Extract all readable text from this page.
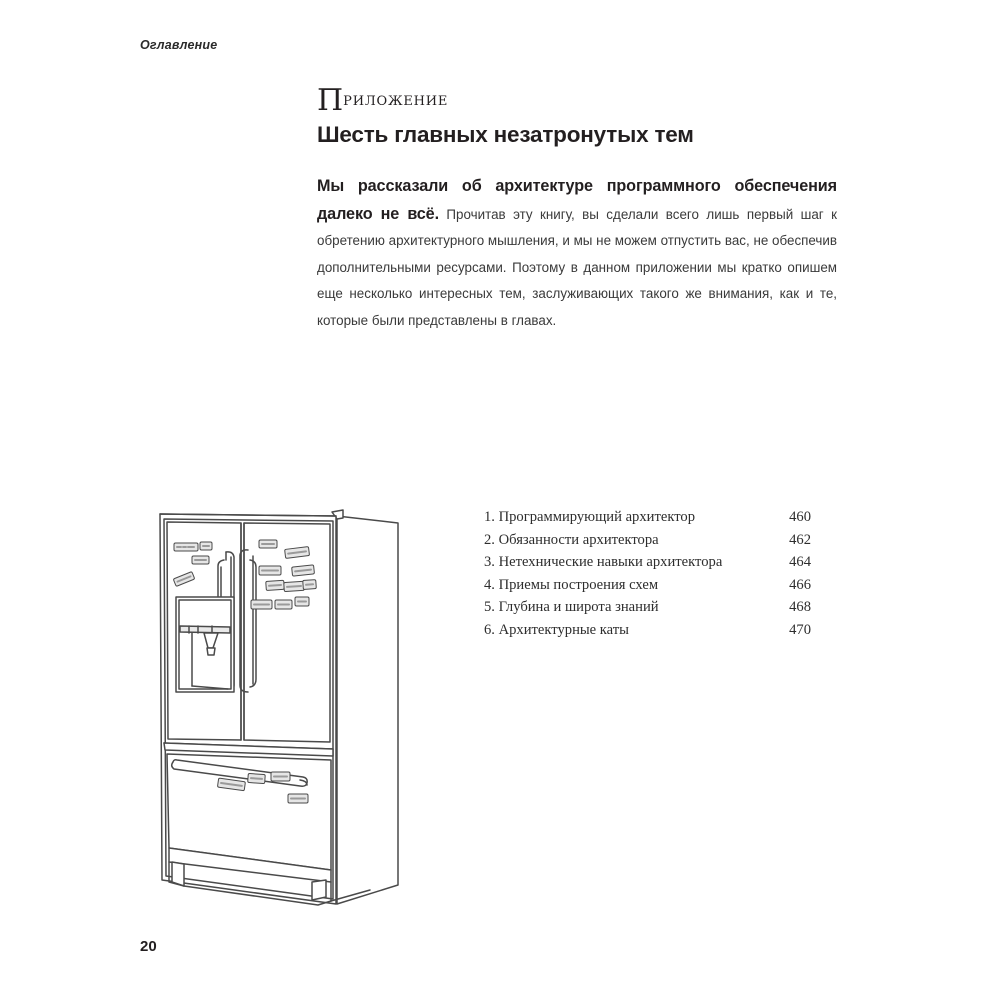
Оглавление
Приложение
Шесть главных незатронутых тем

Мы рассказали об архитектуре программного обеспечения далеко не всё. Прочитав эту книгу, вы сделали всего лишь первый шаг к обретению архитектурного мышления, и мы не можем отпустить вас, не обеспечив дополнительными ресурсами. Поэтому в данном приложении мы кратко опишем еще несколько интересных тем, заслуживающих такого же внимания, как и те, которые были представлены в главах.

1. Программирующий архитектор	460
2. Обязанности архитектора	462
3. Нетехнические навыки архитектора	464
4. Приемы построения схем	466
5. Глубина и широта знаний	468
6. Архитектурные каты	470
20
